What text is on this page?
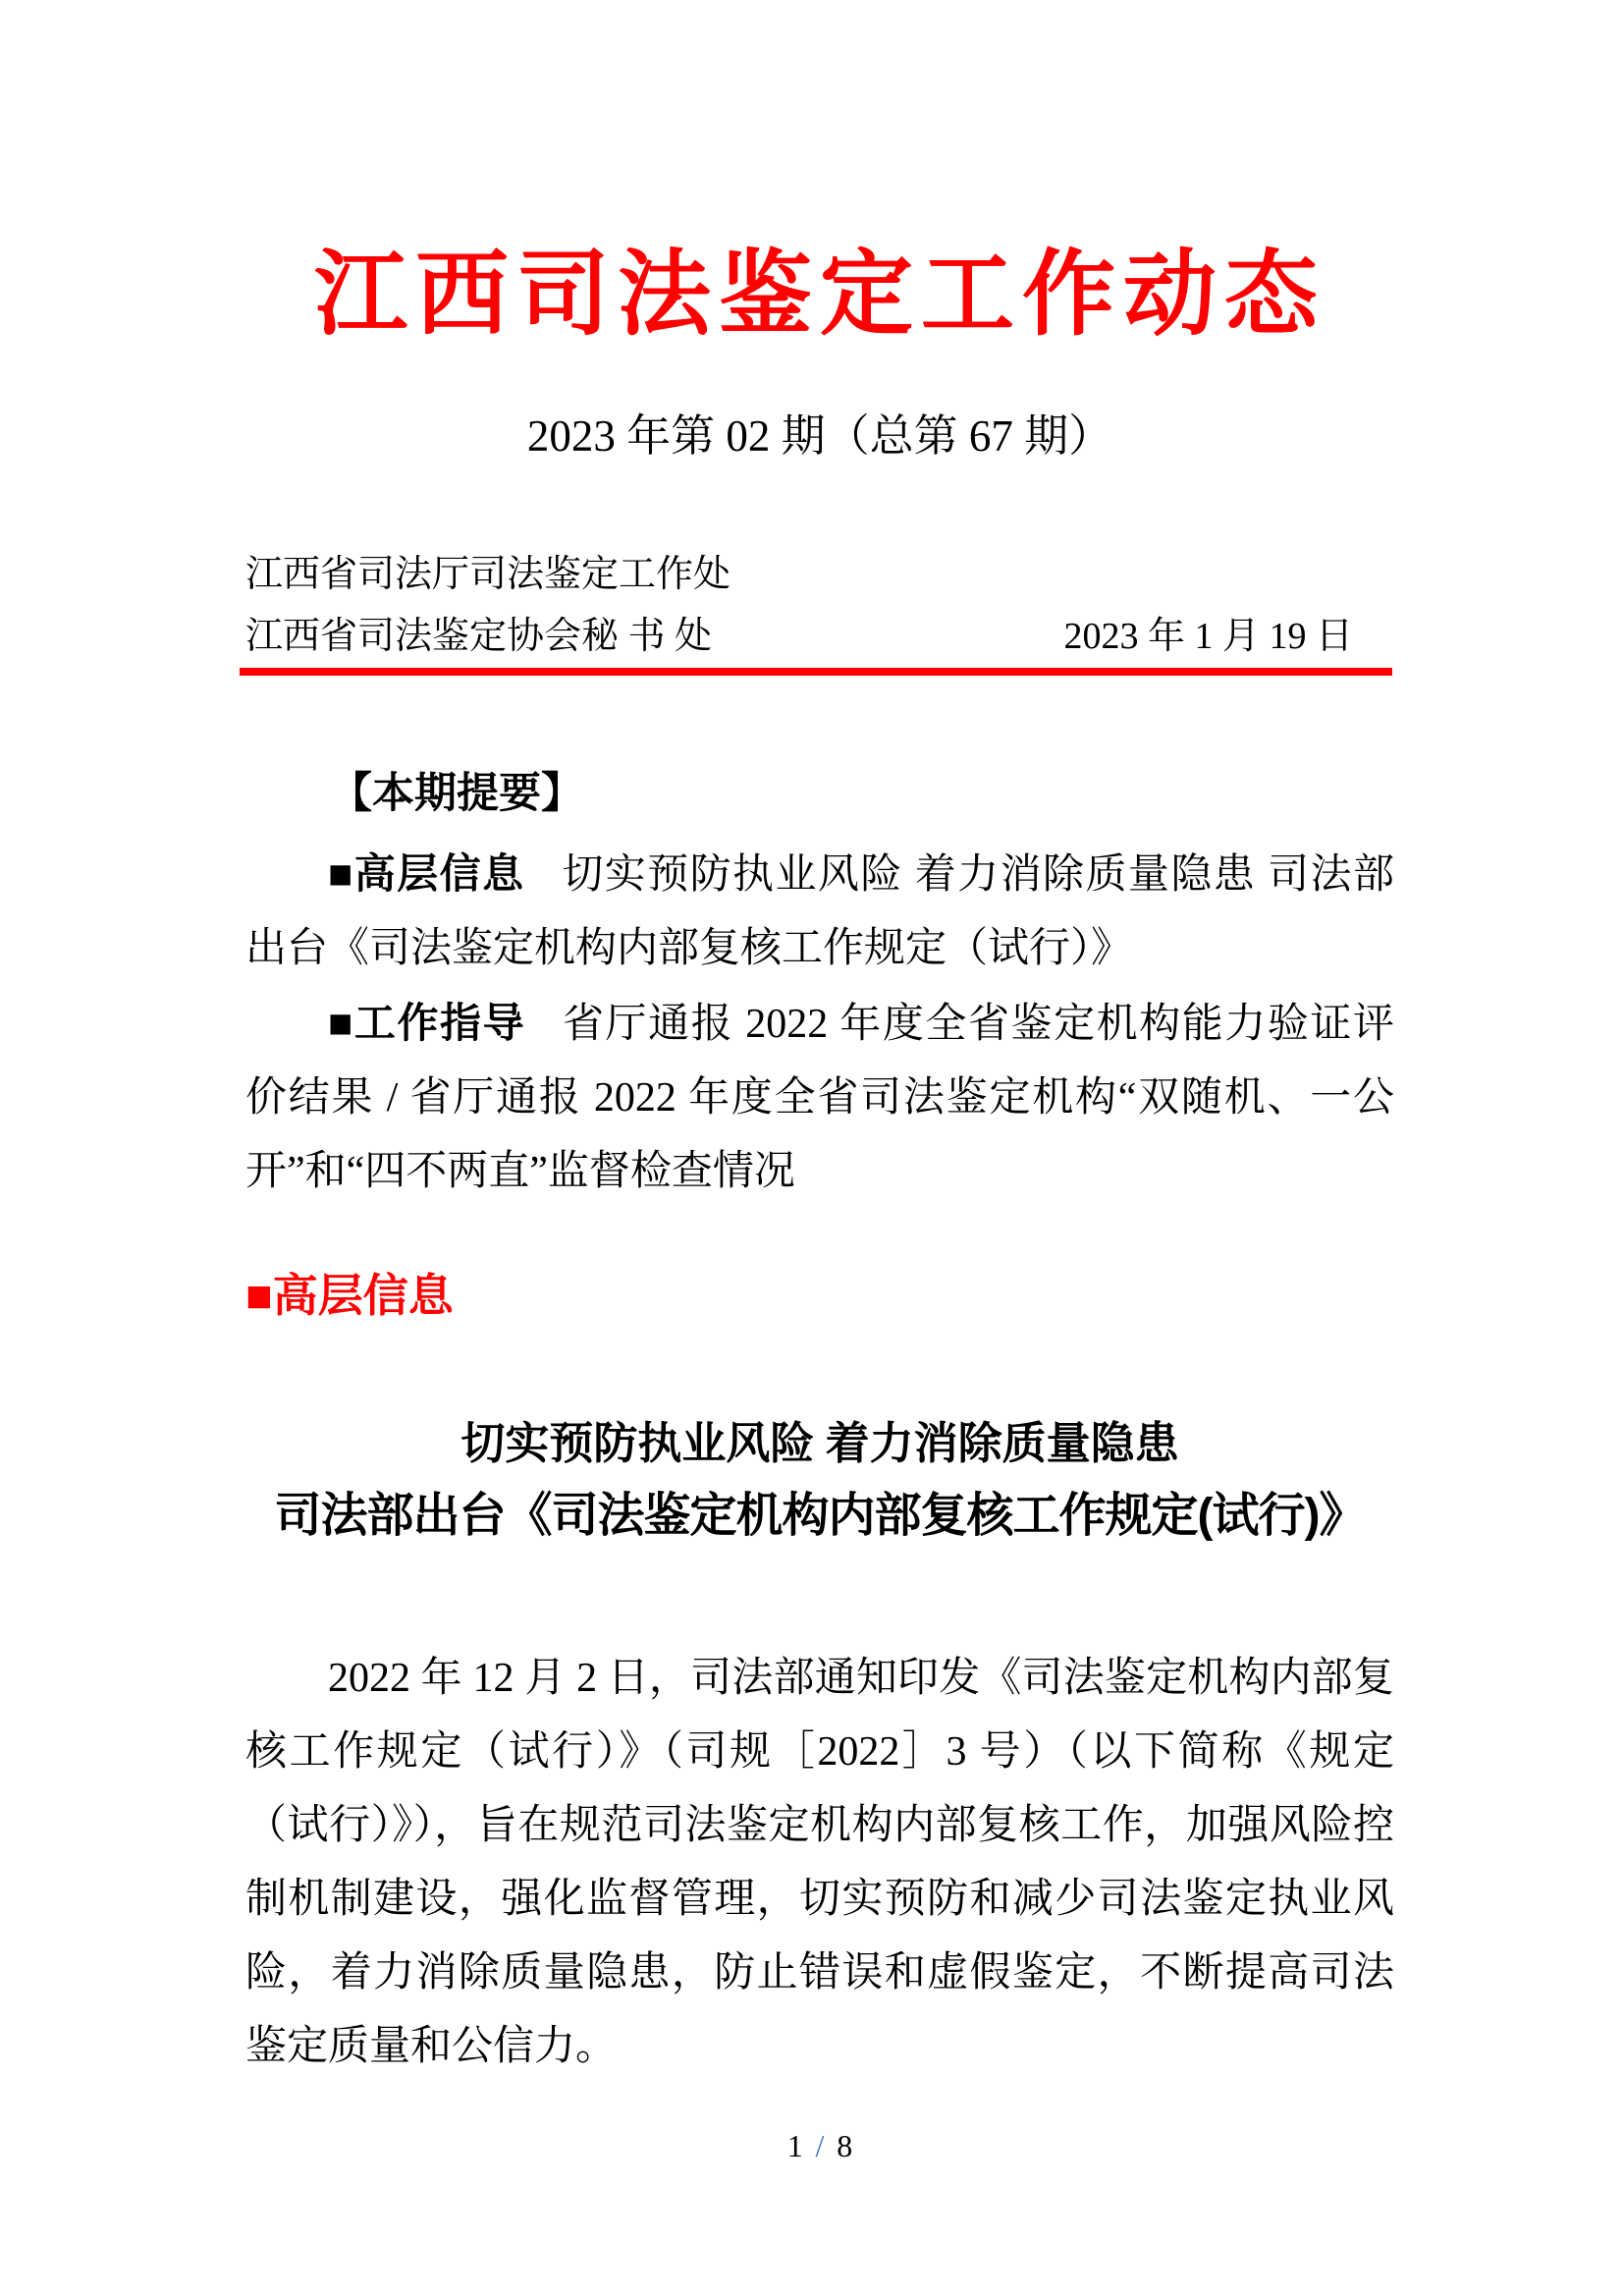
江西司法鉴定工作动态
2023 年第 02 期（总第 67 期）
江西省司法厅司法鉴定工作处
江西省司法鉴定协会秘 书 处	2023 年 1 月 19 日
【本期提要】

■高层信息 切实预防执业风险 着力消除质量隐患 司法部出台《司法鉴定机构内部复核工作规定（试行）》

■工作指导 省厅通报 2022 年度全省鉴定机构能力验证评价结果 / 省厅通报 2022 年度全省司法鉴定机构“双随机、一公开”和“四不两直”监督检查情况

■高层信息
切实预防执业风险 着力消除质量隐患
司法部出台《司法鉴定机构内部复核工作规定(试行)》

2022 年 12 月 2 日，司法部通知印发《司法鉴定机构内部复核工作规定（试行）》（司规［2022］3 号）（以下简称《规定（试行）》），旨在规范司法鉴定机构内部复核工作，加强风险控制机制建设，强化监督管理，切实预防和减少司法鉴定执业风险，着力消除质量隐患，防止错误和虚假鉴定，不断提高司法鉴定质量和公信力。

1 / 8
